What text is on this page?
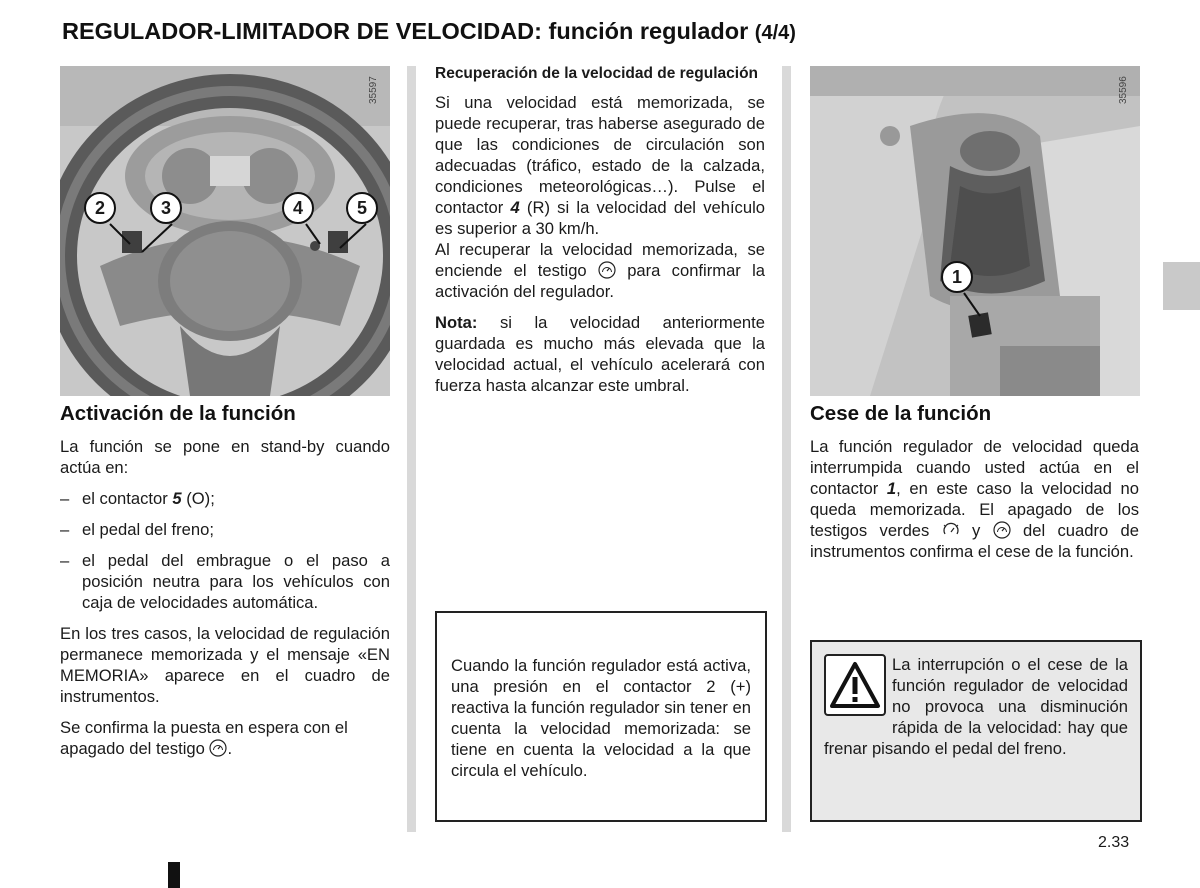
REGULADOR-LIMITADOR DE VELOCIDAD: función regulador (4/4)
35597
2	3	4	5
Activación de la función

La función se pone en stand-by cuando actúa en:

– el contactor 5 (O);
– el pedal del freno;
– el pedal del embrague o el paso a posición neutra para los vehículos con caja de velocidades automática.

En los tres casos, la velocidad de regulación permanece memorizada y el mensaje «EN MEMORIA» aparece en el cuadro de instrumentos.

Se confirma la puesta en espera con el apagado del testigo .

Recuperación de la velocidad de regulación

Si una velocidad está memorizada, se puede recuperar, tras haberse asegurado de que las condiciones de circulación son adecuadas (tráfico, estado de la calzada, condiciones meteorológicas…). Pulse el contactor 4 (R) si la velocidad del vehículo es superior a 30 km/h.
Al recuperar la velocidad memorizada, se enciende el testigo para confirmar la activación del regulador.

Nota: si la velocidad anteriormente guardada es mucho más elevada que la velocidad actual, el vehículo acelerará con fuerza hasta alcanzar este umbral.

Cuando la función regulador está activa, una presión en el contactor 2 (+) reactiva la función regulador sin tener en cuenta la velocidad memorizada: se tiene en cuenta la velocidad a la que circula el vehículo.
35596
1
Cese de la función

La función regulador de velocidad queda interrumpida cuando usted actúa en el contactor 1, en este caso la velocidad no queda memorizada. El apagado de los testigos verdes	y	del cuadro de instrumentos confirma el cese de la función.

La interrupción o el cese de la función regulador de velocidad no provoca una disminución rápida de la velocidad: hay que frenar pisando el pedal del freno.
2.33
